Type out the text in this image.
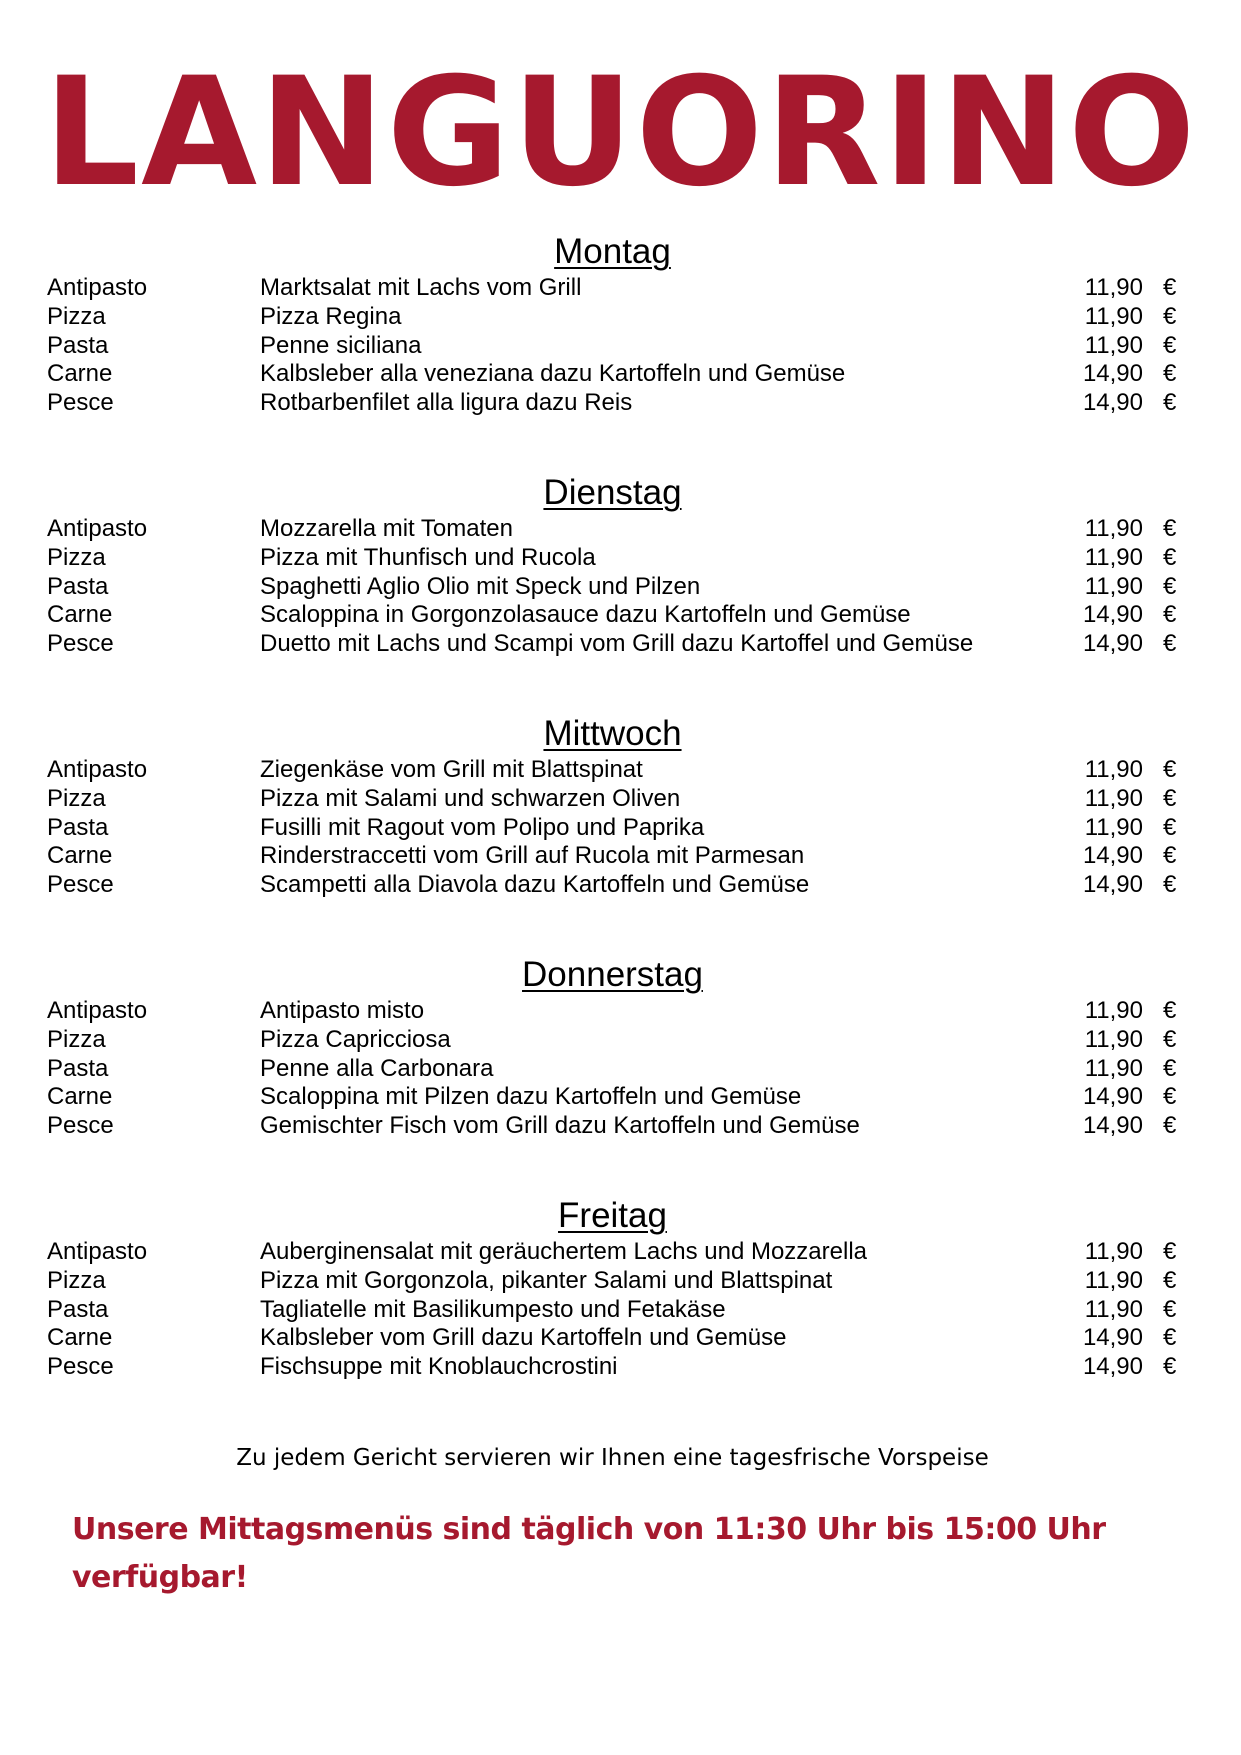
LANGUORINO
Montag
Antipasto	Marktsalat mit Lachs vom Grill	11,90 €
Pizza	Pizza Regina	11,90 €
Pasta	Penne siciliana	11,90 €
Carne	Kalbsleber alla veneziana dazu Kartoffeln und Gemüse	14,90 €
Pesce	Rotbarbenfilet alla ligura dazu Reis	14,90 €
Dienstag
Antipasto	Mozzarella mit Tomaten	11,90 €
Pizza	Pizza mit Thunfisch und Rucola	11,90 €
Pasta	Spaghetti Aglio Olio mit Speck und Pilzen	11,90 €
Carne	Scaloppina in Gorgonzolasauce dazu Kartoffeln und Gemüse	14,90 €
Pesce	Duetto mit Lachs und Scampi vom Grill dazu Kartoffel und Gemüse	14,90 €
Mittwoch
Antipasto	Ziegenkäse vom Grill mit Blattspinat	11,90 €
Pizza	Pizza mit Salami und schwarzen Oliven	11,90 €
Pasta	Fusilli mit Ragout vom Polipo und Paprika	11,90 €
Carne	Rinderstraccetti vom Grill auf Rucola mit Parmesan	14,90 €
Pesce	Scampetti alla Diavola dazu Kartoffeln und Gemüse	14,90 €
Donnerstag
Antipasto	Antipasto misto	11,90 €
Pizza	Pizza Capricciosa	11,90 €
Pasta	Penne alla Carbonara	11,90 €
Carne	Scaloppina mit Pilzen dazu Kartoffeln und Gemüse	14,90 €
Pesce	Gemischter Fisch vom Grill dazu Kartoffeln und Gemüse	14,90 €
Freitag
Antipasto	Auberginensalat mit geräuchertem Lachs und Mozzarella	11,90 €
Pizza	Pizza mit Gorgonzola, pikanter Salami und Blattspinat	11,90 €
Pasta	Tagliatelle mit Basilikumpesto und Fetakäse	11,90 €
Carne	Kalbsleber vom Grill dazu Kartoffeln und Gemüse	14,90 €
Pesce	Fischsuppe mit Knoblauchcrostini	14,90 €
Zu jedem Gericht servieren wir Ihnen eine tagesfrische Vorspeise
Unsere Mittagsmenüs sind täglich von 11:30 Uhr bis 15:00 Uhr verfügbar!
